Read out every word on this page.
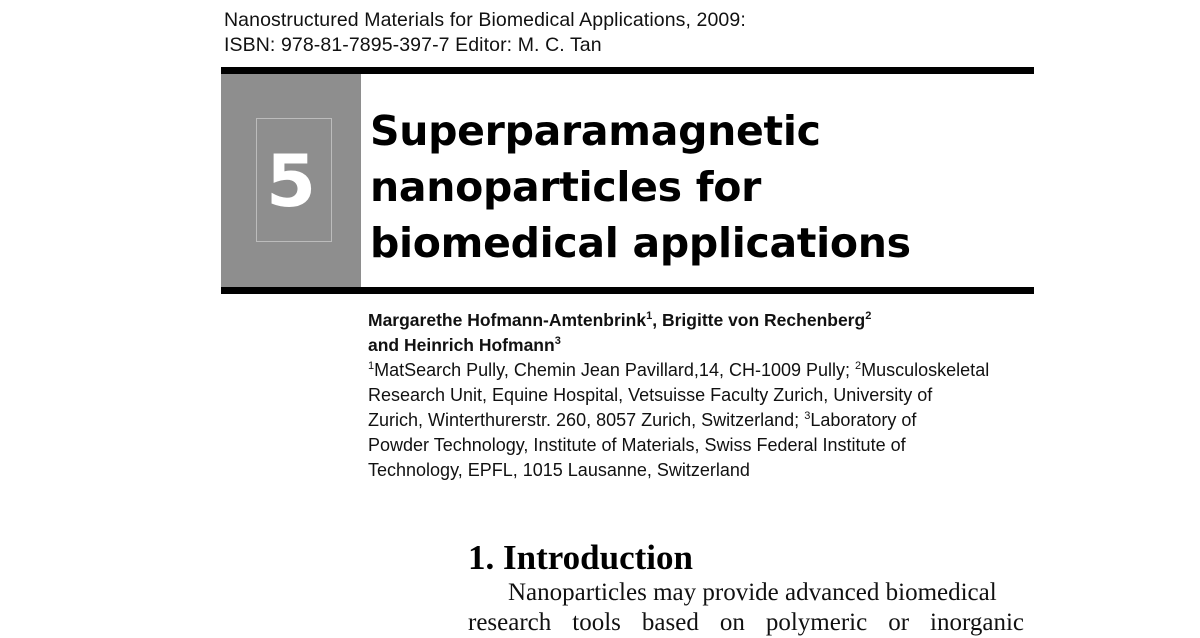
Nanostructured Materials for Biomedical Applications, 2009:
ISBN: 978-81-7895-397-7 Editor: M. C. Tan
5
Superparamagnetic
nanoparticles for
biomedical applications
Margarethe Hofmann-Amtenbrink$^1$, Brigitte von Rechenberg$^2$
and Heinrich Hofmann$^3$
$^1$MatSearch Pully, Chemin Jean Pavillard,14, CH-1009 Pully; $^2$Musculoskeletal
Research Unit, Equine Hospital, Vetsuisse Faculty Zurich, University of
Zurich, Winterthurerstr. 260, 8057 Zurich, Switzerland; $^3$Laboratory of
Powder Technology, Institute of Materials, Swiss Federal Institute of
Technology, EPFL, 1015 Lausanne, Switzerland
1. Introduction
Nanoparticles may provide advanced biomedical
research tools based on polymeric or inorganic
